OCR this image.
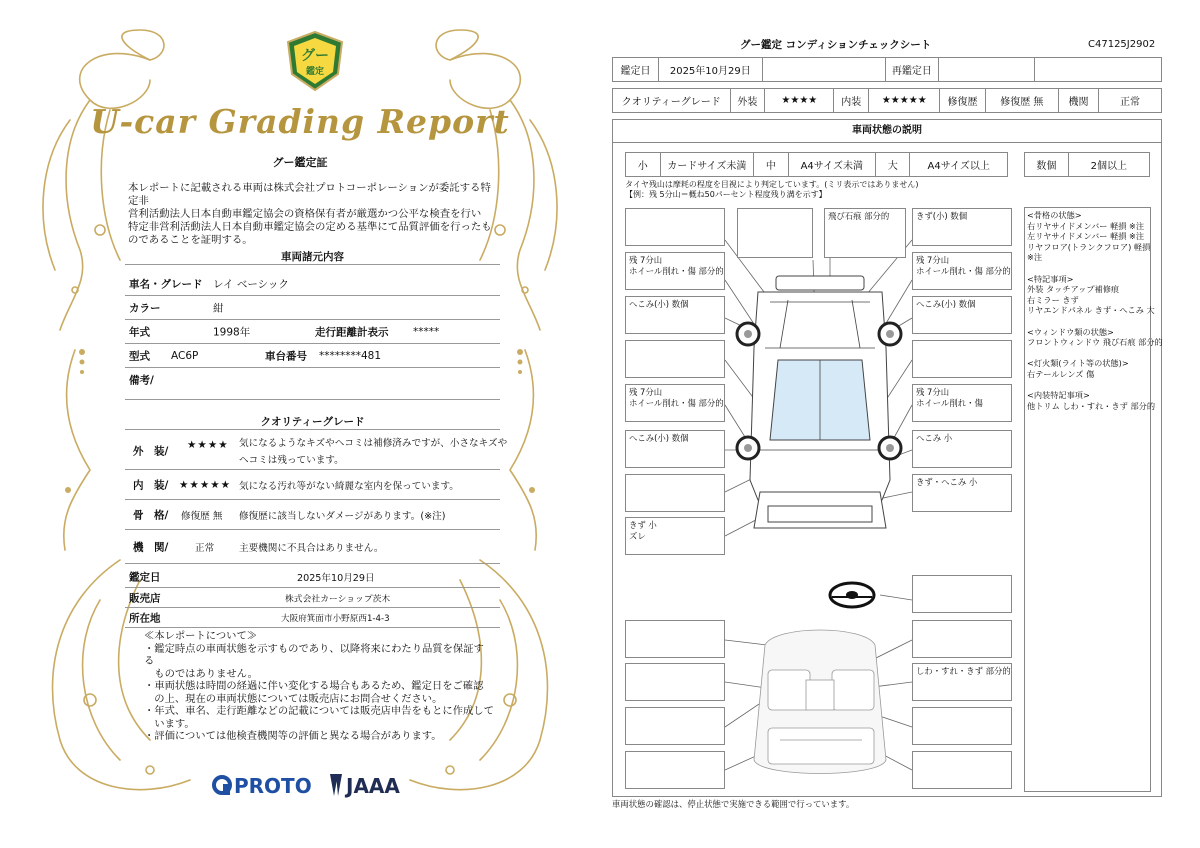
グー
鑑定
U-car Grading Report
グー鑑定証
本レポートに記載される車両は株式会社プロトコーポレーションが委託する特定非
営利活動法人日本自動車鑑定協会の資格保有者が厳選かつ公平な検査を行い
特定非営利活動法人日本自動車鑑定協会の定める基準にて品質評価を行ったも
のであることを証明する。
車両諸元内容
車名・グレード レイ ベーシック
カラー	紺
年式	1998年	走行距離計表示 *****
型式 AC6P	車台番号 ********481
備考/
クオリティーグレード
外　装/ ★★★★ 気になるようなキズやヘコミは補修済みですが、小さなキズや
ヘコミは残っています。
内　装/ ★★★★★ 気になる汚れ等がない綺麗な室内を保っています。
骨　格/ 修復歴 無 修復歴に該当しないダメージがあります。(※注)
機　関/	正常	主要機関に不具合はありません。
鑑定日	2025年10月29日
販売店	株式会社カーショップ茨木
所在地	大阪府箕面市小野原西1-4-3
≪本レポートについて≫
・鑑定時点の車両状態を示すものであり、以降将来にわたり品質を保証する
　ものではありません。
・車両状態は時間の経過に伴い変化する場合もあるため、鑑定日をご確認
　の上、現在の車両状態については販売店にお問合せください。
・年式、車名、走行距離などの記載については販売店申告をもとに作成して
　います。
・評価については他検査機関等の評価と異なる場合があります。
PROTO JAAA
グー鑑定 コンディションチェックシート	C47125J2902
鑑定日	2025年10月29日		再鑑定日		
クオリティーグレード	外装	★★★★	内装	★★★★★	修復歴	修復歴 無	機関	正常
車両状態の説明
小	カードサイズ未満	中	A4サイズ未満	大	A4サイズ以上	数個	2個以上
タイヤ残山は摩耗の程度を目視により判定しています。(ミリ表示ではありません)
【例：残 5分山＝概ね50パーセント程度残り溝を示す】
残 7分山
ホイール削れ・傷 部分的
へこみ(小) 数個
残 7分山
ホイール削れ・傷 部分的
へこみ(小) 数個
きず 小
ズレ
飛び石痕 部分的	きず(小) 数個
残 7分山
ホイール削れ・傷 部分的
へこみ(小) 数個
残 7分山
ホイール削れ・傷
へこみ 小
きず・へこみ 小
しわ・すれ・きず 部分的
<骨格の状態>
右リヤサイドメンバー 軽損 ※注
左リヤサイドメンバー 軽損 ※注
リヤフロア(トランクフロア) 軽損
※注
<特記事項>
外装 タッチアップ補修痕
右ミラー きず
リヤエンドパネル きず・へこみ 大
<ウィンドウ類の状態>
フロントウィンドウ 飛び石痕 部分的
<灯火類(ライト等の状態)>
右テールレンズ 傷
<内装特記事項>
他トリム しわ・すれ・きず 部分的
車両状態の確認は、停止状態で実施できる範囲で行っています。
